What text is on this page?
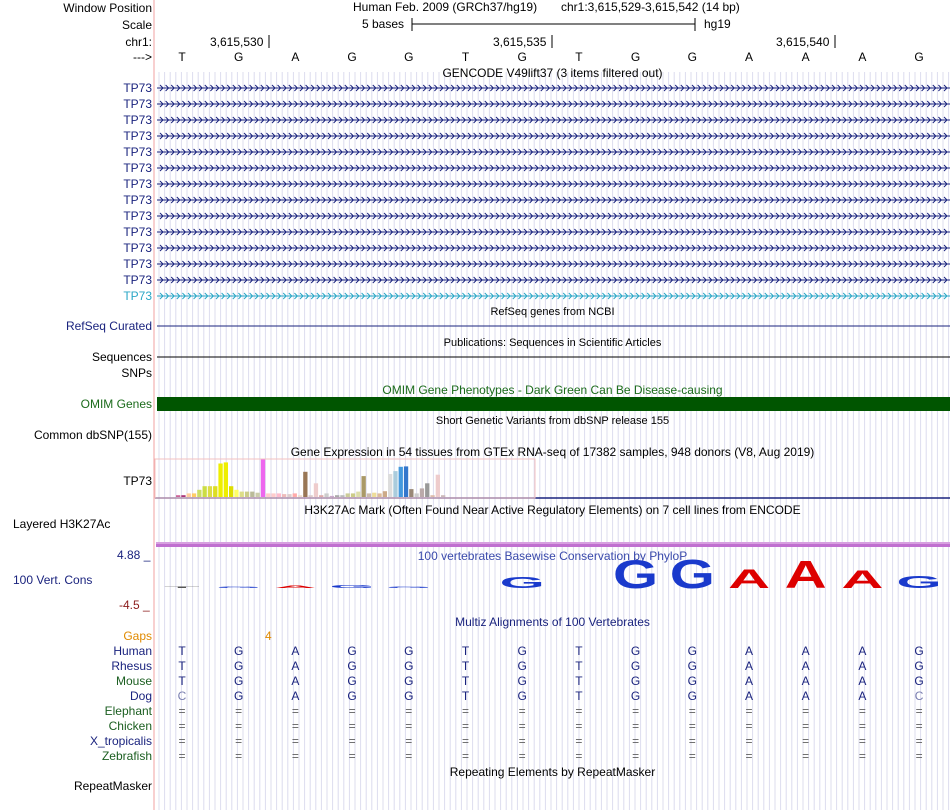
Window Position	Human Feb. 2009 (GRCh37/hg19) chr1:3,615,529-3,615,542 (14 bp)
Scale	5 bases	hg19
chr1:	3,615,530	3,615,535	3,615,540
---> T	G	A	G	G	T	G	T	G	G	A	A	A	G
GENCODE V49lift37 (3 items filtered out)
TP73
TP73
TP73
TP73
TP73
TP73
TP73
TP73
TP73
TP73
TP73
TP73
TP73
TP73
RefSeq genes from NCBI
RefSeq Curated
Publications: Sequences in Scientific Articles
Sequences
SNPs
OMIM Gene Phenotypes - Dark Green Can Be Disease-causing
OMIM Genes
Short Genetic Variants from dbSNP release 155
Common dbSNP(155)
Gene Expression in 54 tissues from GTEx RNA-seq of 17382 samples, 948 donors (V8, Aug 2019)
TP73
H3K27Ac Mark (Often Found Near Active Regulatory Elements) on 7 cell lines from ENCODE
Layered H3K27Ac
4.88 _	100 vertebrates Basewise Conservation by PhyloP
100 Vert. Cons
-4.5 _
Multiz Alignments of 100 Vertebrates
Gaps	4
Human T	G	A	G	G	T	G	T	G	G	A	A	A	G
Rhesus T	G	A	G	G	T	G	T	G	G	A	A	A	G
Mouse T	G	A	G	G	T	G	T	G	G	A	A	A	G
Dog C	G	A	G	G	T	G	T	G	G	A	A	A	C
Elephant =	=	=	=	=	=	=	=	=	=	=	=	=	=
Chicken =	=	=	=	=	=	=	=	=	=	=	=	=	=
X_tropicalis =	=	=	=	=	=	=	=	=	=	=	=	=	=
Zebrafish =	=	=	=	=	=	=	=	=	=	=	=	=	=
Repeating Elements by RepeatMasker
RepeatMasker
T G A G G G G G A A A G
